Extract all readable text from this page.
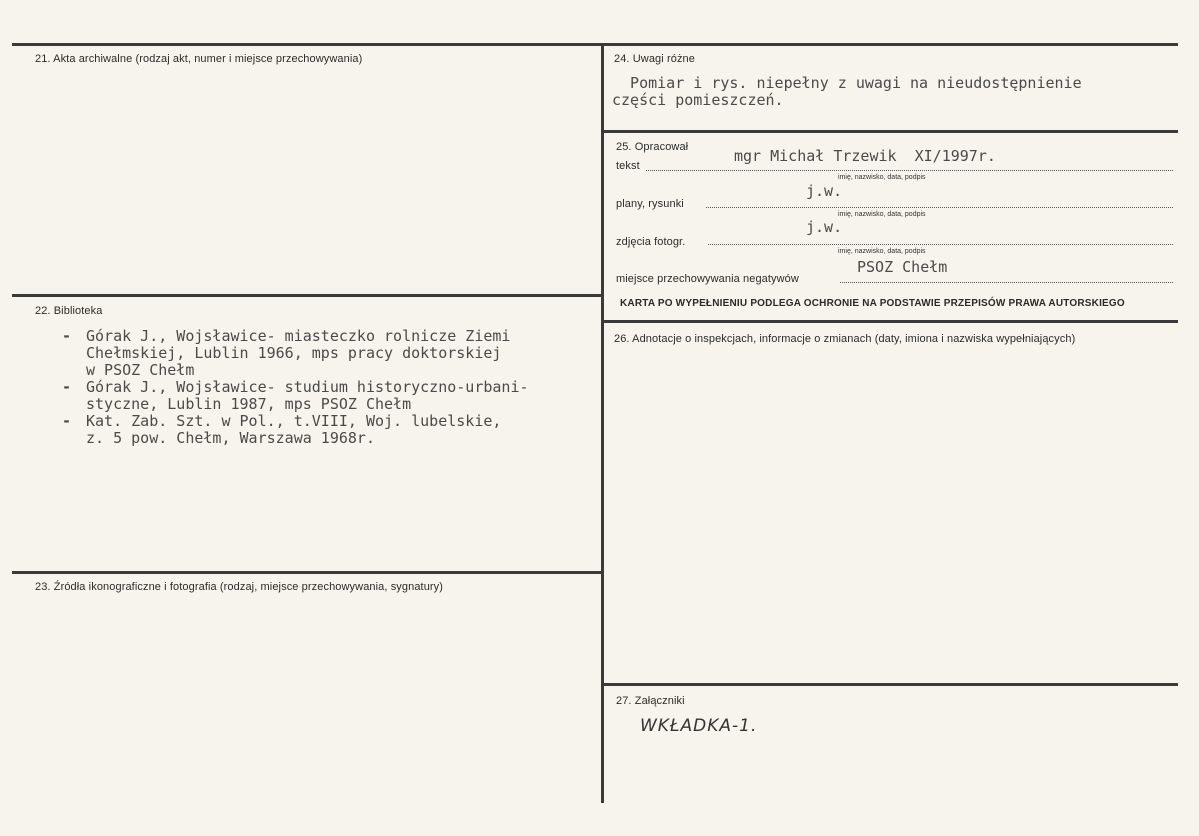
21. Akta archiwalne (rodzaj akt, numer i miejsce przechowywania)
22. Biblioteka
- Górak J., Wojsławice- miasteczko rolnicze Ziemi
Chełmskiej, Lublin 1966, mps pracy doktorskiej
w PSOZ Chełm
- Górak J., Wojsławice- studium historyczno-urbani-
styczne, Lublin 1987, mps PSOZ Chełm
- Kat. Zab. Szt. w Pol., t.VIII, Woj. lubelskie,
z. 5 pow. Chełm, Warszawa 1968r.
23. Źródła ikonograficzne i fotografia (rodzaj, miejsce przechowywania, sygnatury)
24. Uwagi różne
Pomiar i rys. niepełny z uwagi na nieudostępnienie
części pomieszczeń.
25. Opracował
tekst
mgr Michał Trzewik  XI/1997r.
imię, nazwisko, data, podpis
plany, rysunki
j.w.
imię, nazwisko, data, podpis
zdjęcia fotogr.
j.w.
imię, nazwisko, data, podpis
miejsce przechowywania negatywów
PSOZ Chełm
KARTA PO WYPEŁNIENIU PODLEGA OCHRONIE NA PODSTAWIE PRZEPISÓW PRAWA AUTORSKIEGO
26. Adnotacje o inspekcjach, informacje o zmianach (daty, imiona i nazwiska wypełniających)
27. Załączniki
WKŁADKA-1.
